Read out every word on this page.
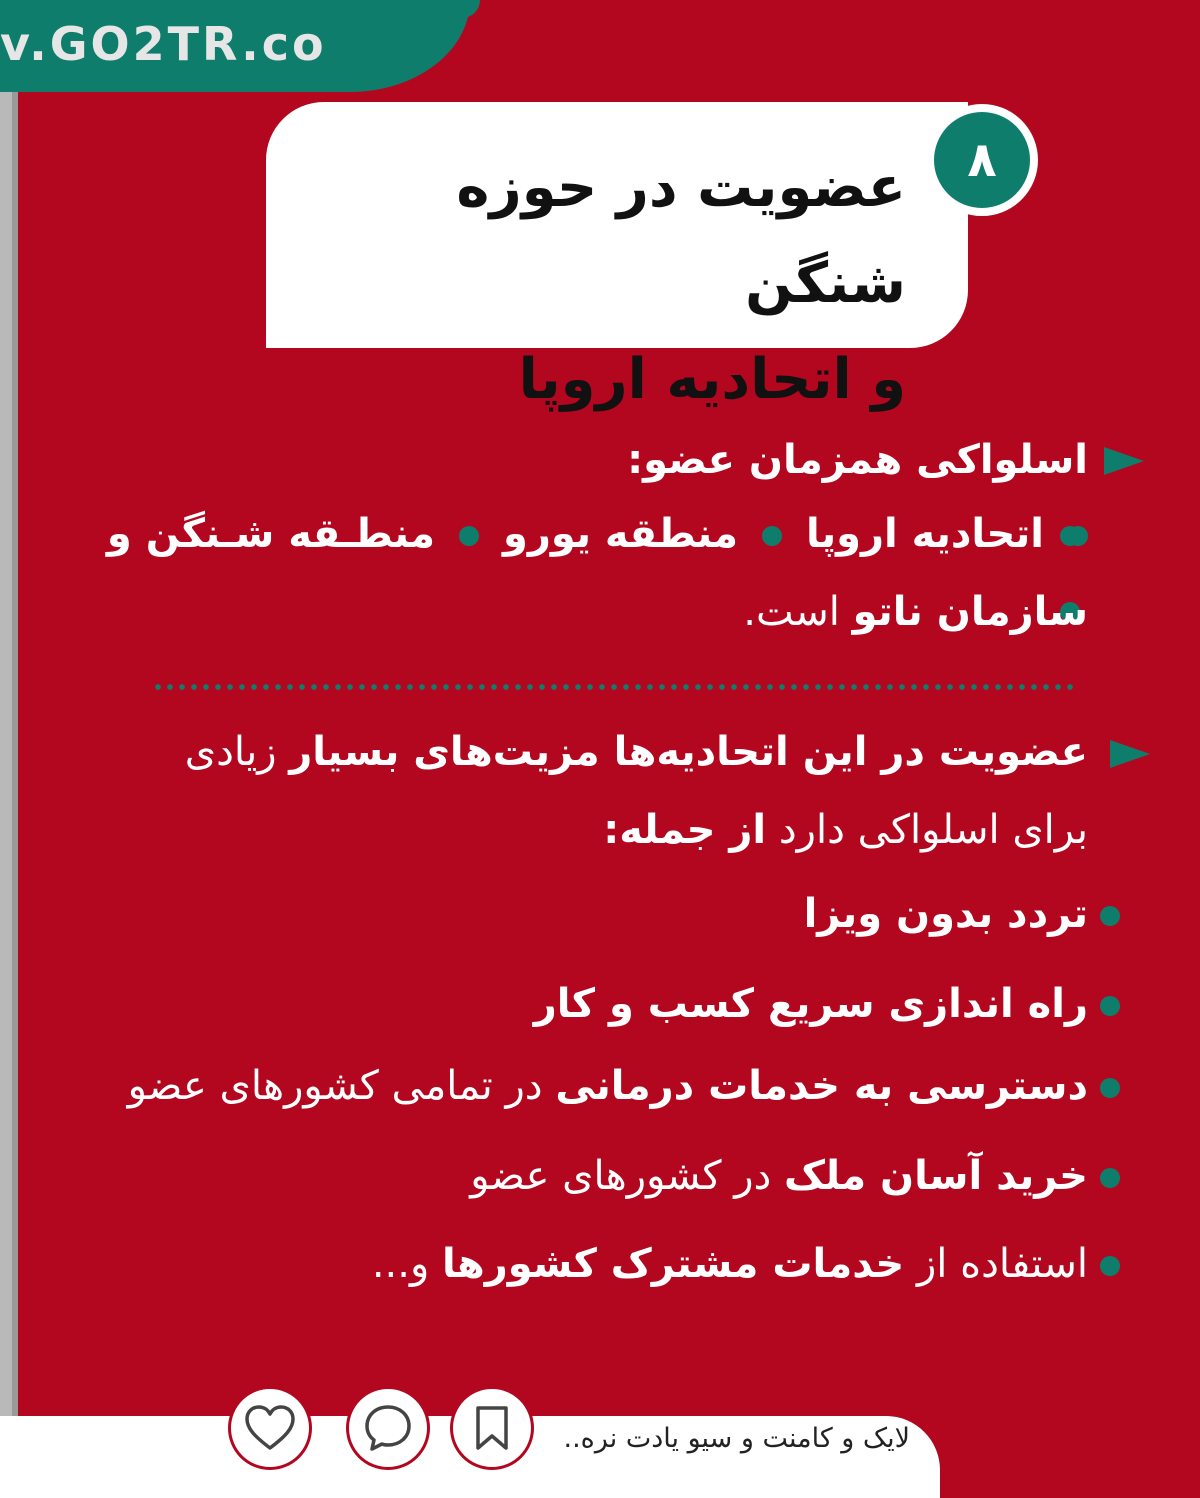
v.GO2TR.co
عضویت در حوزه شنگن
و اتحادیه اروپا
۸
اسلواکی همزمان عضو:
اتحادیه اروپامنطقه یورومنطـقه شـنگن و
سازمان ناتو است.
عضویت در این اتحادیه‌ها مزیت‌های بسیار زیادی
برای اسلواکی دارد از جمله:
تردد بدون ویزا
راه اندازی سریع کسب و کار
دسترسی به خدمات درمانی در تمامی کشورهای عضو
خرید آسان ملک در کشورهای عضو
استفاده از خدمات مشترک کشورها و...
لایک و کامنت و سیو یادت نره..
